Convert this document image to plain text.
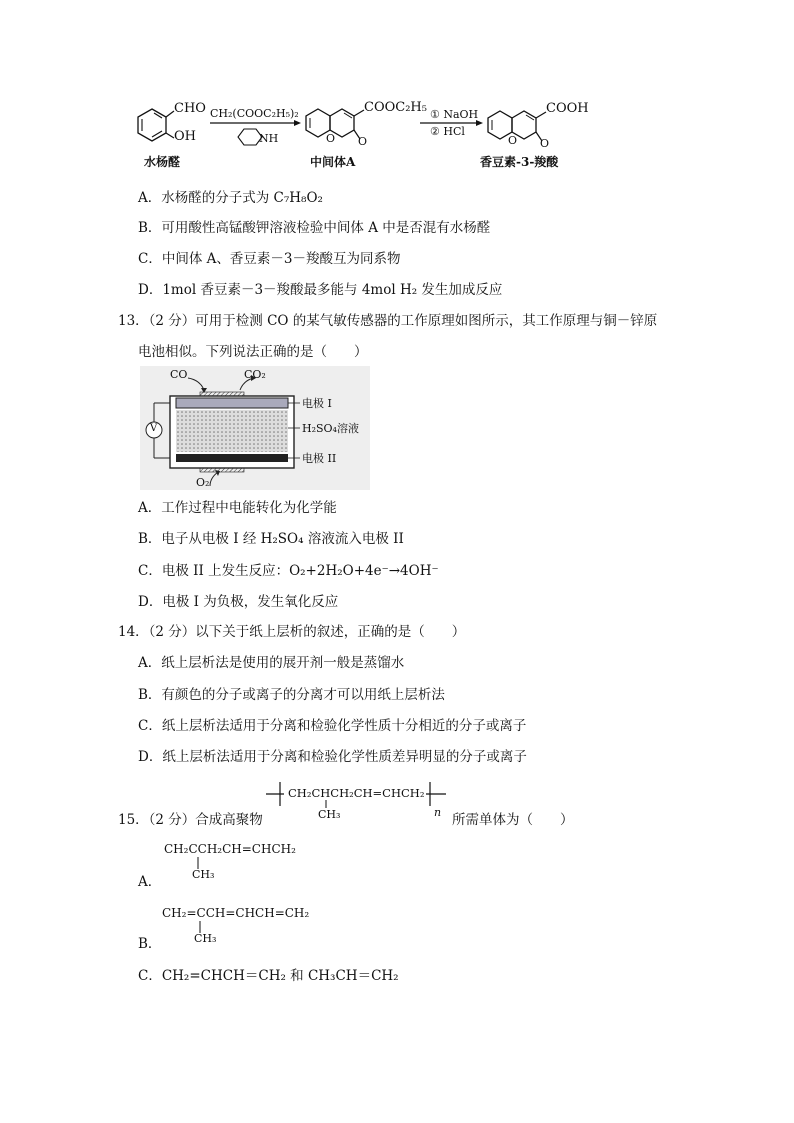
CHO
OH
水杨醛
CH₂(COOC₂H₅)₂
NH	O O
COOC₂H₅
中间体A
① NaOH
② HCl
O O
COOH
香豆素-3-羧酸
A．水杨醛的分子式为 C₇H₈O₂
B．可用酸性高锰酸钾溶液检验中间体 A 中是否混有水杨醛
C．中间体 A、香豆素－3－羧酸互为同系物
D．1mol 香豆素－3－羧酸最多能与 4mol H₂ 发生加成反应
13．（2 分）可用于检测 CO 的某气敏传感器的工作原理如图所示，其工作原理与铜－锌原
电池相似。下列说法正确的是（　　）
CO	CO₂
电极 I
H₂SO₄溶液
电极 II
O₂
V
A．工作过程中电能转化为化学能
B．电子从电极 I 经 H₂SO₄ 溶液流入电极 II
C．电极 II 上发生反应：O₂+2H₂O+4e⁻→4OH⁻
D．电极 I 为负极，发生氧化反应
14．（2 分）以下关于纸上层析的叙述，正确的是（　　）
A．纸上层析法是使用的展开剂一般是蒸馏水
B．有颜色的分子或离子的分离才可以用纸上层析法
C．纸上层析法适用于分离和检验化学性质十分相近的分子或离子
D．纸上层析法适用于分离和检验化学性质差异明显的分子或离子
CH₂CHCH₂CH=CHCH₂
CH₃	n
15．（2 分）合成高聚物	所需单体为（　　）
CH₂CCH₂CH=CHCH₂
CH₃
A．
CH₂=CCH=CHCH=CH₂
CH₃
B．
C．CH₂=CHCH＝CH₂ 和 CH₃CH＝CH₂
